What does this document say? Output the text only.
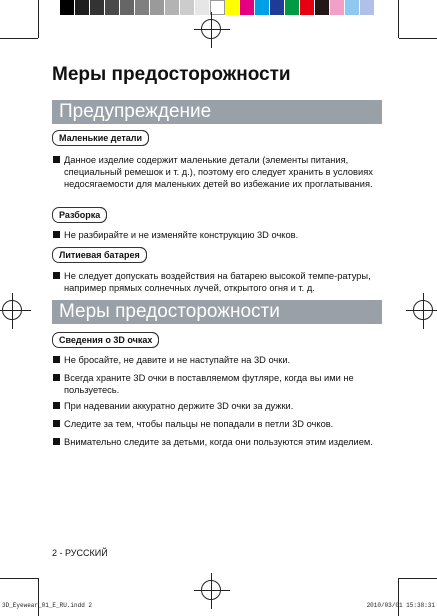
Меры предосторожности
Предупреждение
Маленькие детали
Данное изделие содержит маленькие детали (элементы питания, специальный ремешок и т. д.), поэтому его следует хранить в условиях недосягаемости для маленьких детей во избежание их проглатывания.
Разборка
Не разбирайте и не изменяйте конструкцию 3D очков.
Литиевая батарея
Не следует допускать воздействия на батарею высокой темпе-ратуры, например прямых солнечных лучей, открытого огня и т. д.
Меры предосторожности
Сведения о 3D очках
Не бросайте, не давите и не наступайте на 3D очки.
Всегда храните 3D очки в поставляемом футляре, когда вы ими не пользуетесь.
При надевании аккуратно держите 3D очки за дужки.
Следите за тем, чтобы пальцы не попадали в петли 3D очков.
Внимательно следите за детьми, когда они пользуются этим изделием.
2 - РУССКИЙ
3D_Eyewear_01_E_RU.indd 2	2010/03/01 15:38:31
